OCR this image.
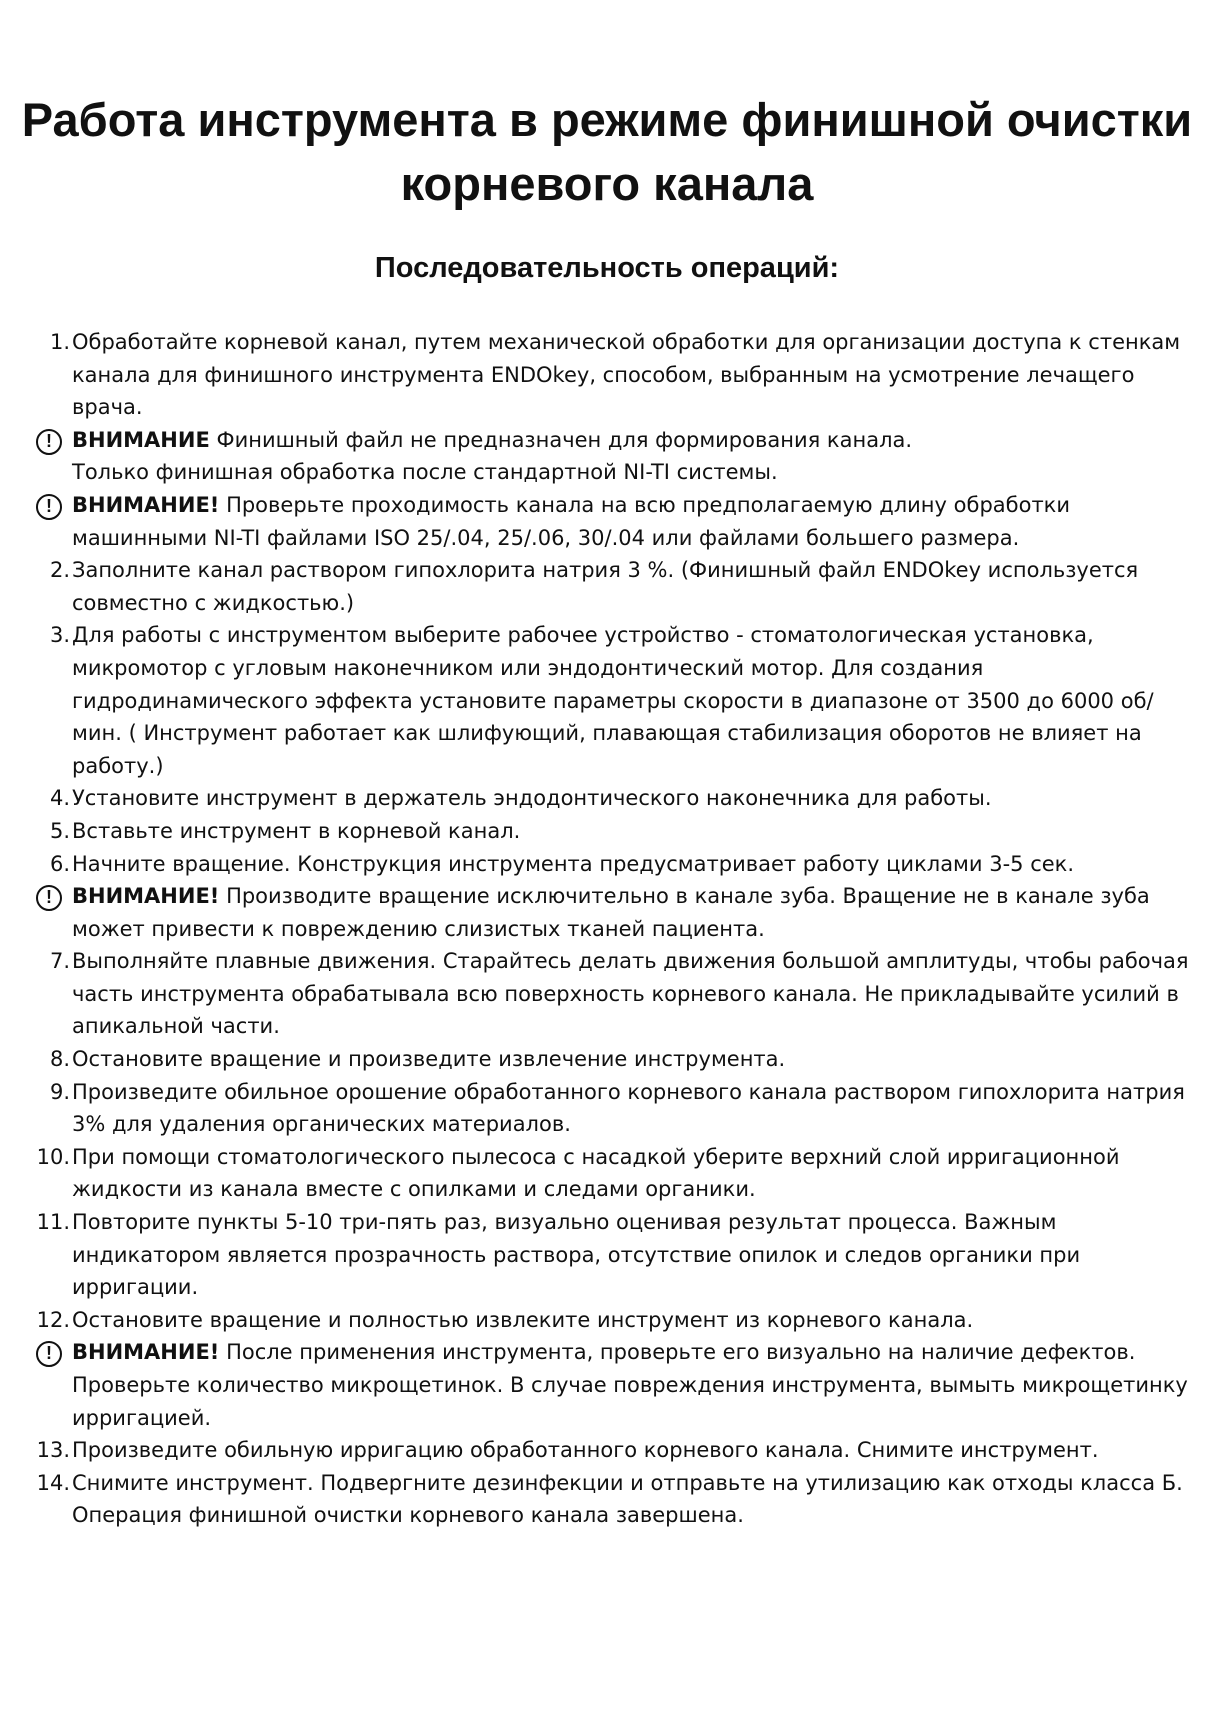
Работа инструмента в режиме финишной очистки корневого канала
Последовательность операций:
1. Обработайте корневой канал, путем механической обработки для организации доступа к стенкам канала для финишного инструмента ENDOkey, способом, выбранным на усмотрение лечащего врача.
! ВНИМАНИЕ Финишный файл не предназначен для формирования канала.
Только финишная обработка после стандартной NI-TI системы.
! ВНИМАНИЕ! Проверьте проходимость канала на всю предполагаемую длину обработки машинными NI-TI файлами ISO 25/.04, 25/.06, 30/.04 или файлами большего размера.
2. Заполните канал раствором гипохлорита натрия 3 %. (Финишный файл ENDOkey используется совместно с жидкостью.)
3. Для работы с инструментом выберите рабочее устройство - стоматологическая установка, микромотор с угловым наконечником или эндодонтический мотор. Для создания гидродинамического эффекта установите параметры скорости в диапазоне от 3500 до 6000 об/мин. ( Инструмент работает как шлифующий, плавающая стабилизация оборотов не влияет на работу.)
4. Установите инструмент в держатель эндодонтического наконечника для работы.
5. Вставьте инструмент в корневой канал.
6. Начните вращение. Конструкция инструмента предусматривает работу циклами 3-5 сек.
! ВНИМАНИЕ! Производите вращение исключительно в канале зуба. Вращение не в канале зуба может привести к повреждению слизистых тканей пациента.
7. Выполняйте плавные движения. Старайтесь делать движения большой амплитуды, чтобы рабочая часть инструмента обрабатывала всю поверхность корневого канала. Не прикладывайте усилий в апикальной части.
8. Остановите вращение и произведите извлечение инструмента.
9. Произведите обильное орошение обработанного корневого канала раствором гипохлорита натрия 3% для удаления органических материалов.
10. При помощи стоматологического пылесоса с насадкой уберите верхний слой ирригационной жидкости из канала вместе с опилками и следами органики.
11. Повторите пункты 5-10 три-пять раз, визуально оценивая результат процесса. Важным индикатором является прозрачность раствора, отсутствие опилок и следов органики при ирригации.
12. Остановите вращение и полностью извлеките инструмент из корневого канала.
! ВНИМАНИЕ! После применения инструмента, проверьте его визуально на наличие дефектов. Проверьте количество микрощетинок. В случае повреждения инструмента, вымыть микрощетинку ирригацией.
13. Произведите обильную ирригацию обработанного корневого канала. Снимите инструмент.
14. Снимите инструмент. Подвергните дезинфекции и отправьте на утилизацию как отходы класса Б. Операция финишной очистки корневого канала завершена.
